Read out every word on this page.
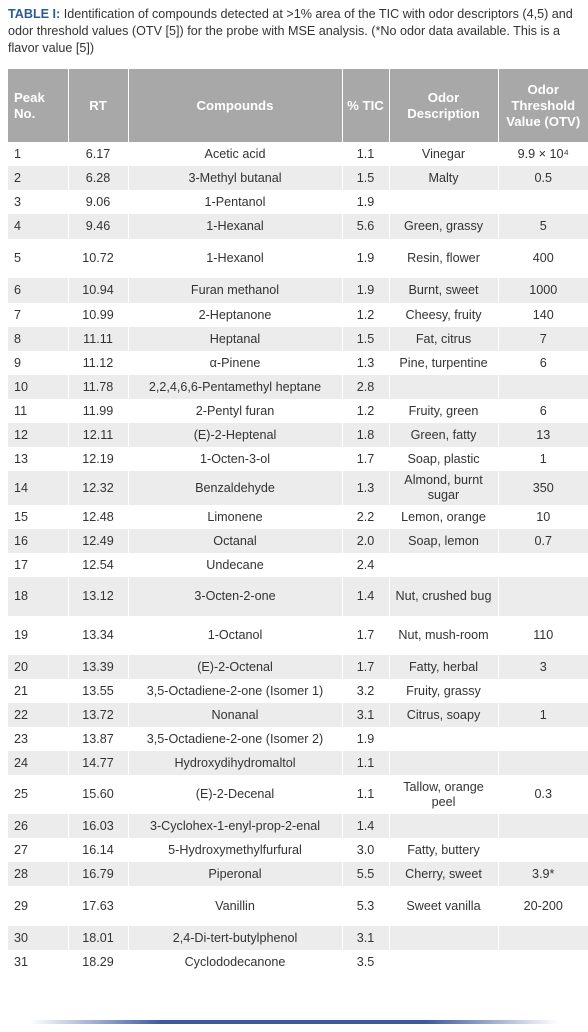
TABLE I: Identification of compounds detected at >1% area of the TIC with odor descriptors (4,5) and odor threshold values (OTV [5]) for the probe with MSE analysis. (*No odor data available. This is a flavor value [5])
Peak No.	RT	Compounds	% TIC	Odor Description	Odor Threshold Value (OTV)
1	6.17	Acetic acid	1.1	Vinegar	9.9 × 10⁴
2	6.28	3-Methyl butanal	1.5	Malty	0.5
3	9.06	1-Pentanol	1.9		
4	9.46	1-Hexanal	5.6	Green, grassy	5
5	10.72	1-Hexanol	1.9	Resin, flower	400
6	10.94	Furan methanol	1.9	Burnt, sweet	1000
7	10.99	2-Heptanone	1.2	Cheesy, fruity	140
8	11.11	Heptanal	1.5	Fat, citrus	7
9	11.12	α-Pinene	1.3	Pine, turpentine	6
10	11.78	2,2,4,6,6-Pentamethyl heptane	2.8		
11	11.99	2-Pentyl furan	1.2	Fruity, green	6
12	12.11	(E)-2-Heptenal	1.8	Green, fatty	13
13	12.19	1-Octen-3-ol	1.7	Soap, plastic	1
14	12.32	Benzaldehyde	1.3	Almond, burnt sugar	350
15	12.48	Limonene	2.2	Lemon, orange	10
16	12.49	Octanal	2.0	Soap, lemon	0.7
17	12.54	Undecane	2.4		
18	13.12	3-Octen-2-one	1.4	Nut, crushed bug	
19	13.34	1-Octanol	1.7	Nut, mush-room	110
20	13.39	(E)-2-Octenal	1.7	Fatty, herbal	3
21	13.55	3,5-Octadiene-2-one (Isomer 1)	3.2	Fruity, grassy	
22	13.72	Nonanal	3.1	Citrus, soapy	1
23	13.87	3,5-Octadiene-2-one (Isomer 2)	1.9		
24	14.77	Hydroxydihydromaltol	1.1		
25	15.60	(E)-2-Decenal	1.1	Tallow, orange peel	0.3
26	16.03	3-Cyclohex-1-enyl-prop-2-enal	1.4		
27	16.14	5-Hydroxymethylfurfural	3.0	Fatty, buttery	
28	16.79	Piperonal	5.5	Cherry, sweet	3.9*
29	17.63	Vanillin	5.3	Sweet vanilla	20-200
30	18.01	2,4-Di-tert-butylphenol	3.1		
31	18.29	Cyclododecanone	3.5		
